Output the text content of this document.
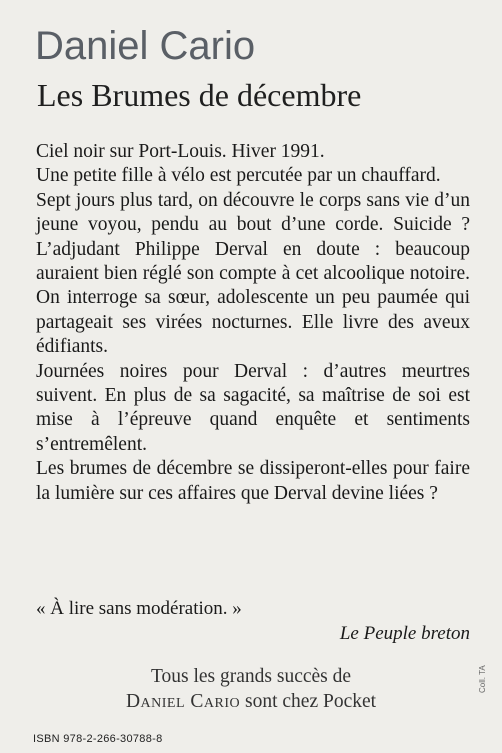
Daniel Cario
Les Brumes de décembre

Ciel noir sur Port-Louis. Hiver 1991.

Une petite fille à vélo est percutée par un chauffard.

Sept jours plus tard, on découvre le corps sans vie d’un jeune voyou, pendu au bout d’une corde. Suicide ? L’adjudant Philippe Derval en doute : beaucoup auraient bien réglé son compte à cet alcoolique notoire. On interroge sa sœur, adolescente un peu paumée qui partageait ses virées nocturnes. Elle livre des aveux édifiants.

Journées noires pour Derval : d’autres meurtres suivent. En plus de sa sagacité, sa maîtrise de soi est mise à l’épreuve quand enquête et sentiments s’entremêlent.

Les brumes de décembre se dissiperont-elles pour faire la lumière sur ces affaires que Derval devine liées ?

« À lire sans modération. »
Le Peuple breton
Tous les grands succès de
Daniel Cario sont chez Pocket
Coll. TA
ISBN 978-2-266-30788-8
